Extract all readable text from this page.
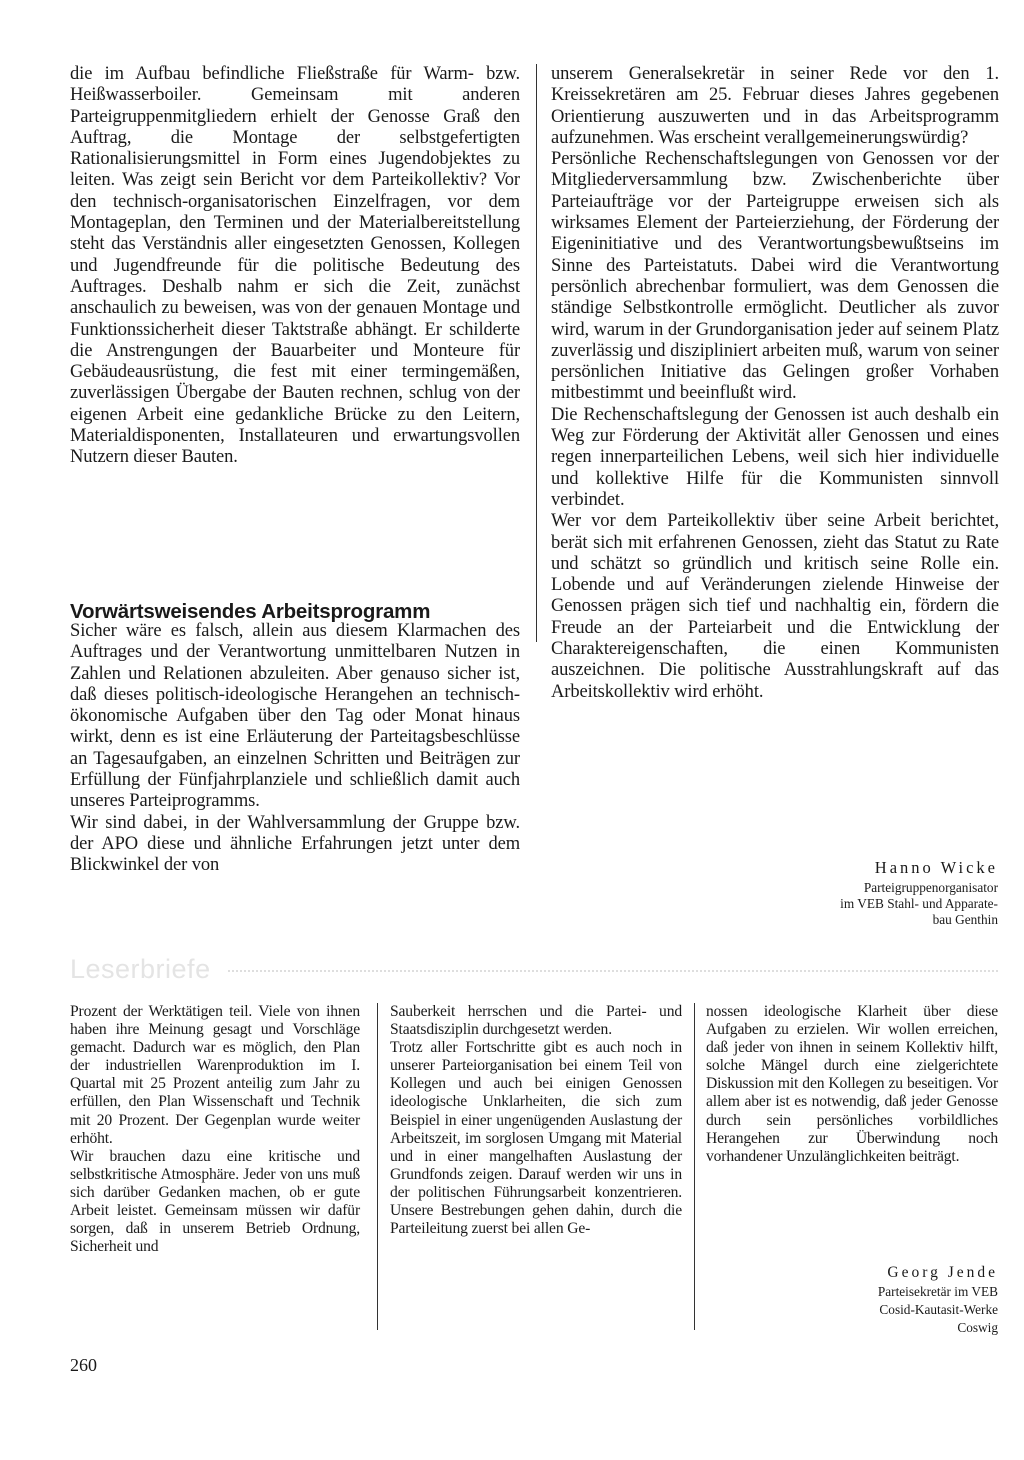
die im Aufbau befindliche Fließstraße für Warm- bzw. Heißwasserboiler. Gemeinsam mit anderen Parteigruppenmitgliedern erhielt der Genosse Graß den Auftrag, die Montage der selbstgefertigten Rationalisierungsmittel in Form eines Jugendobjektes zu leiten. Was zeigt sein Bericht vor dem Parteikollektiv? Vor den technisch-organisatorischen Einzelfragen, vor dem Montageplan, den Terminen und der Materialbereitstellung steht das Verständnis aller eingesetzten Genossen, Kollegen und Jugendfreunde für die politische Bedeutung des Auftrages. Deshalb nahm er sich die Zeit, zunächst anschaulich zu beweisen, was von der genauen Montage und Funktionssicherheit dieser Taktstraße abhängt. Er schilderte die Anstrengungen der Bauarbeiter und Monteure für Gebäudeausrüstung, die fest mit einer termingemäßen, zuverlässigen Übergabe der Bauten rechnen, schlug von der eigenen Arbeit eine gedankliche Brücke zu den Leitern, Materialdisponenten, Installateuren und erwartungsvollen Nutzern dieser Bauten.

Vorwärtsweisendes Arbeitsprogramm

Sicher wäre es falsch, allein aus diesem Klarmachen des Auftrages und der Verantwortung unmittelbaren Nutzen in Zahlen und Relationen abzuleiten. Aber genauso sicher ist, daß dieses politisch-ideologische Herangehen an technisch-ökonomische Aufgaben über den Tag oder Monat hinaus wirkt, denn es ist eine Erläuterung der Parteitagsbeschlüsse an Tagesaufgaben, an einzelnen Schritten und Beiträgen zur Erfüllung der Fünfjahrplanziele und schließlich damit auch unseres Parteiprogramms.

Wir sind dabei, in der Wahlversammlung der Gruppe bzw. der APO diese und ähnliche Erfahrungen jetzt unter dem Blickwinkel der von

unserem Generalsekretär in seiner Rede vor den 1. Kreissekretären am 25. Februar dieses Jahres gegebenen Orientierung auszuwerten und in das Arbeitsprogramm aufzunehmen. Was erscheint verallgemeinerungswürdig?

Persönliche Rechenschaftslegungen von Genossen vor der Mitgliederversammlung bzw. Zwischenberichte über Parteiaufträge vor der Parteigruppe erweisen sich als wirksames Element der Parteierziehung, der Förderung der Eigeninitiative und des Verantwortungsbewußtseins im Sinne des Parteistatuts. Dabei wird die Verantwortung persönlich abrechenbar formuliert, was dem Genossen die ständige Selbstkontrolle ermöglicht. Deutlicher als zuvor wird, warum in der Grundorganisation jeder auf seinem Platz zuverlässig und diszipliniert arbeiten muß, warum von seiner persönlichen Initiative das Gelingen großer Vorhaben mitbestimmt und beeinflußt wird.

Die Rechenschaftslegung der Genossen ist auch deshalb ein Weg zur Förderung der Aktivität aller Genossen und eines regen innerparteilichen Lebens, weil sich hier individuelle und kollektive Hilfe für die Kommunisten sinnvoll verbindet.

Wer vor dem Parteikollektiv über seine Arbeit berichtet, berät sich mit erfahrenen Genossen, zieht das Statut zu Rate und schätzt so gründlich und kritisch seine Rolle ein. Lobende und auf Veränderungen zielende Hinweise der Genossen prägen sich tief und nachhaltig ein, fördern die Freude an der Parteiarbeit und die Entwicklung der Charaktereigenschaften, die einen Kommunisten auszeichnen. Die politische Ausstrahlungskraft auf das Arbeitskollektiv wird erhöht.

Hanno Wicke
Parteigruppenorganisator
im VEB Stahl- und Apparate-
bau Genthin
Leserbriefe

Prozent der Werktätigen teil. Viele von ihnen haben ihre Meinung gesagt und Vorschläge gemacht. Dadurch war es möglich, den Plan der industriellen Warenproduktion im I. Quartal mit 25 Prozent anteilig zum Jahr zu erfüllen, den Plan Wissenschaft und Technik mit 20 Prozent. Der Gegenplan wurde weiter erhöht.

Wir brauchen dazu eine kritische und selbstkritische Atmosphäre. Jeder von uns muß sich darüber Gedanken machen, ob er gute Arbeit leistet. Gemeinsam müssen wir dafür sorgen, daß in unserem Betrieb Ordnung, Sicherheit und

Sauberkeit herrschen und die Partei- und Staatsdisziplin durchgesetzt werden.

Trotz aller Fortschritte gibt es auch noch in unserer Parteiorganisation bei einem Teil von Kollegen und auch bei einigen Genossen ideologische Unklarheiten, die sich zum Beispiel in einer ungenügenden Auslastung der Arbeitszeit, im sorglosen Umgang mit Material und in einer mangelhaften Auslastung der Grundfonds zeigen. Darauf werden wir uns in der politischen Führungsarbeit konzentrieren. Unsere Bestrebungen gehen dahin, durch die Parteileitung zuerst bei allen Ge-

nossen ideologische Klarheit über diese Aufgaben zu erzielen. Wir wollen erreichen, daß jeder von ihnen in seinem Kollektiv hilft, solche Mängel durch eine zielgerichtete Diskussion mit den Kollegen zu beseitigen. Vor allem aber ist es notwendig, daß jeder Genosse durch sein persönliches vorbildliches Herangehen zur Überwindung noch vorhandener Unzulänglichkeiten beiträgt.

Georg Jende
Parteisekretär im VEB
Cosid-Kautasit-Werke
Coswig
260
